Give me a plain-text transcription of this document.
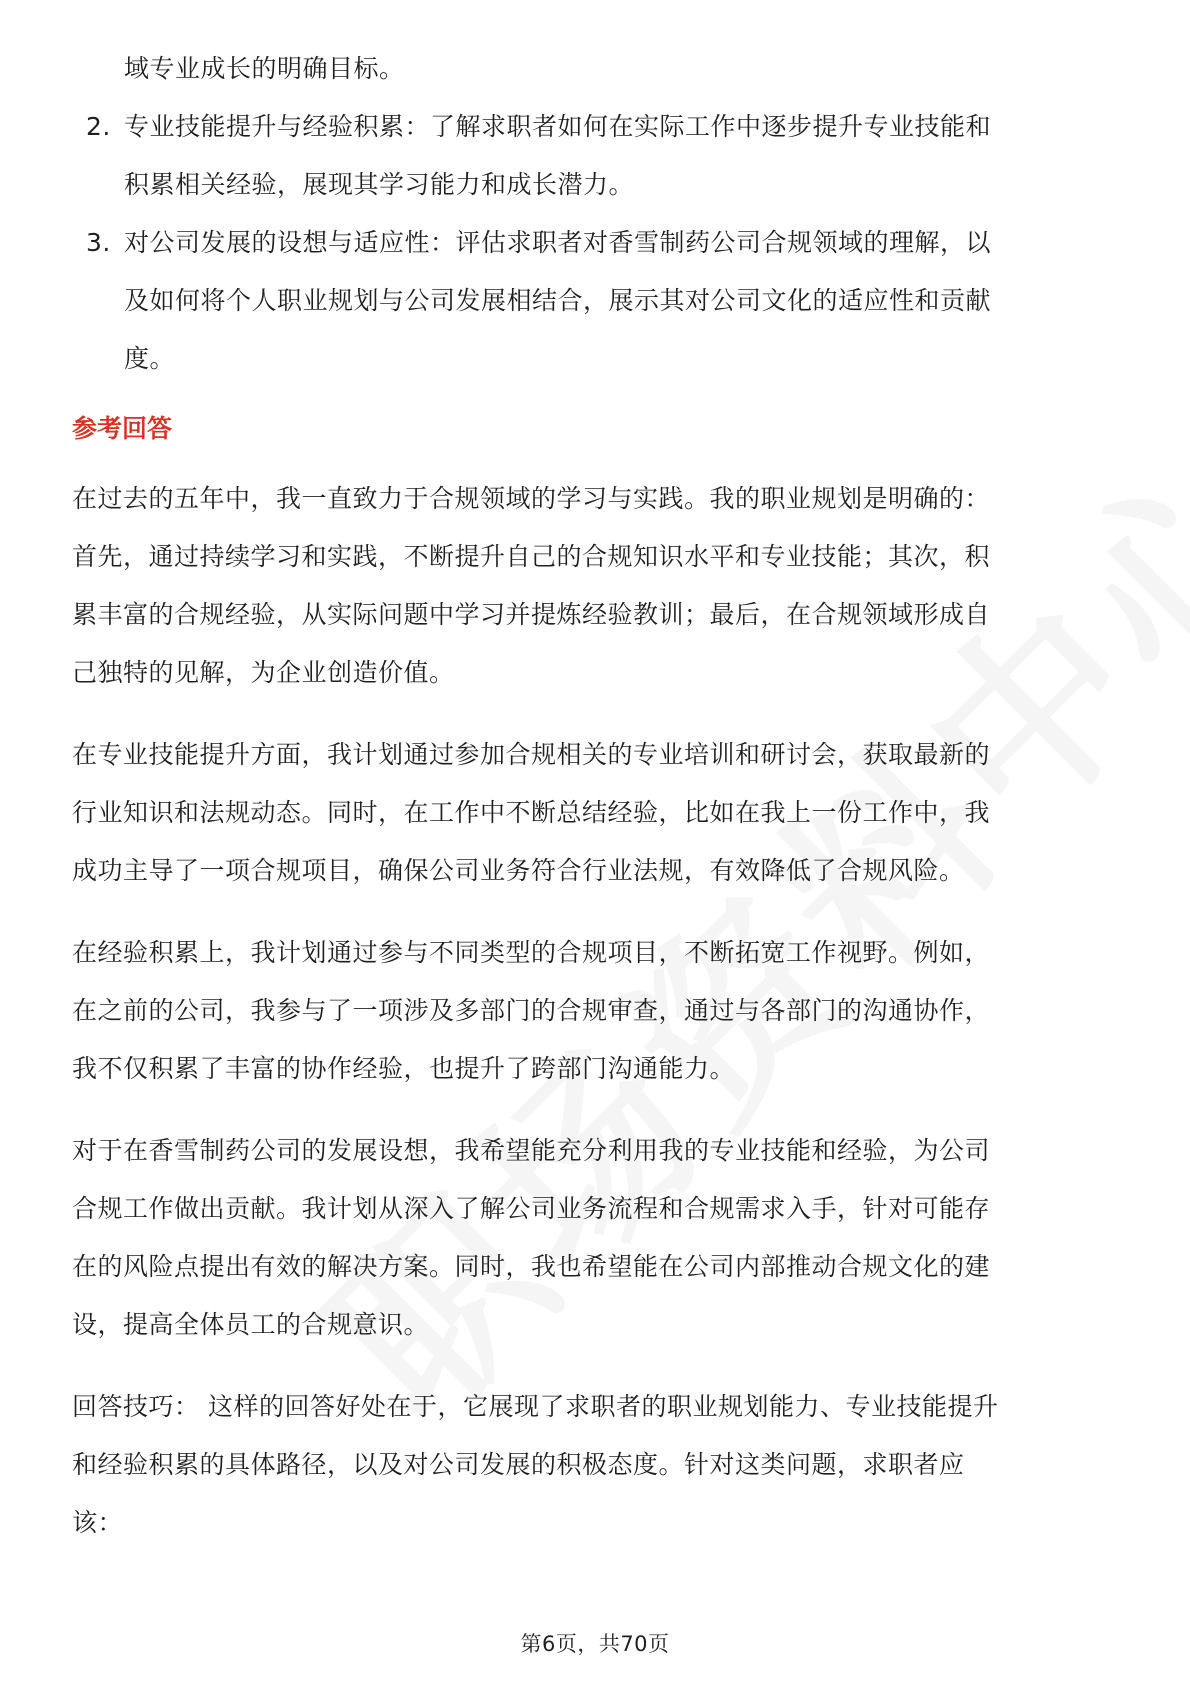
域专业成长的明确目标。
2. 专业技能提升与经验积累：了解求职者如何在实际工作中逐步提升专业技能和
积累相关经验，展现其学习能力和成长潜力。
3. 对公司发展的设想与适应性：评估求职者对香雪制药公司合规领域的理解，以
及如何将个人职业规划与公司发展相结合，展示其对公司文化的适应性和贡献
度。
参考回答
在过去的五年中，我一直致力于合规领域的学习与实践。我的职业规划是明确的：
首先，通过持续学习和实践，不断提升自己的合规知识水平和专业技能；其次，积
累丰富的合规经验，从实际问题中学习并提炼经验教训；最后，在合规领域形成自
己独特的见解，为企业创造价值。
在专业技能提升方面，我计划通过参加合规相关的专业培训和研讨会，获取最新的
行业知识和法规动态。同时，在工作中不断总结经验，比如在我上一份工作中，我
成功主导了一项合规项目，确保公司业务符合行业法规，有效降低了合规风险。
在经验积累上，我计划通过参与不同类型的合规项目，不断拓宽工作视野。例如，
在之前的公司，我参与了一项涉及多部门的合规审查，通过与各部门的沟通协作，
我不仅积累了丰富的协作经验，也提升了跨部门沟通能力。
对于在香雪制药公司的发展设想，我希望能充分利用我的专业技能和经验，为公司
合规工作做出贡献。我计划从深入了解公司业务流程和合规需求入手，针对可能存
在的风险点提出有效的解决方案。同时，我也希望能在公司内部推动合规文化的建
设，提高全体员工的合规意识。
回答技巧： 这样的回答好处在于，它展现了求职者的职业规划能力、专业技能提升
和经验积累的具体路径，以及对公司发展的积极态度。针对这类问题，求职者应
该：
第6页，共70页
